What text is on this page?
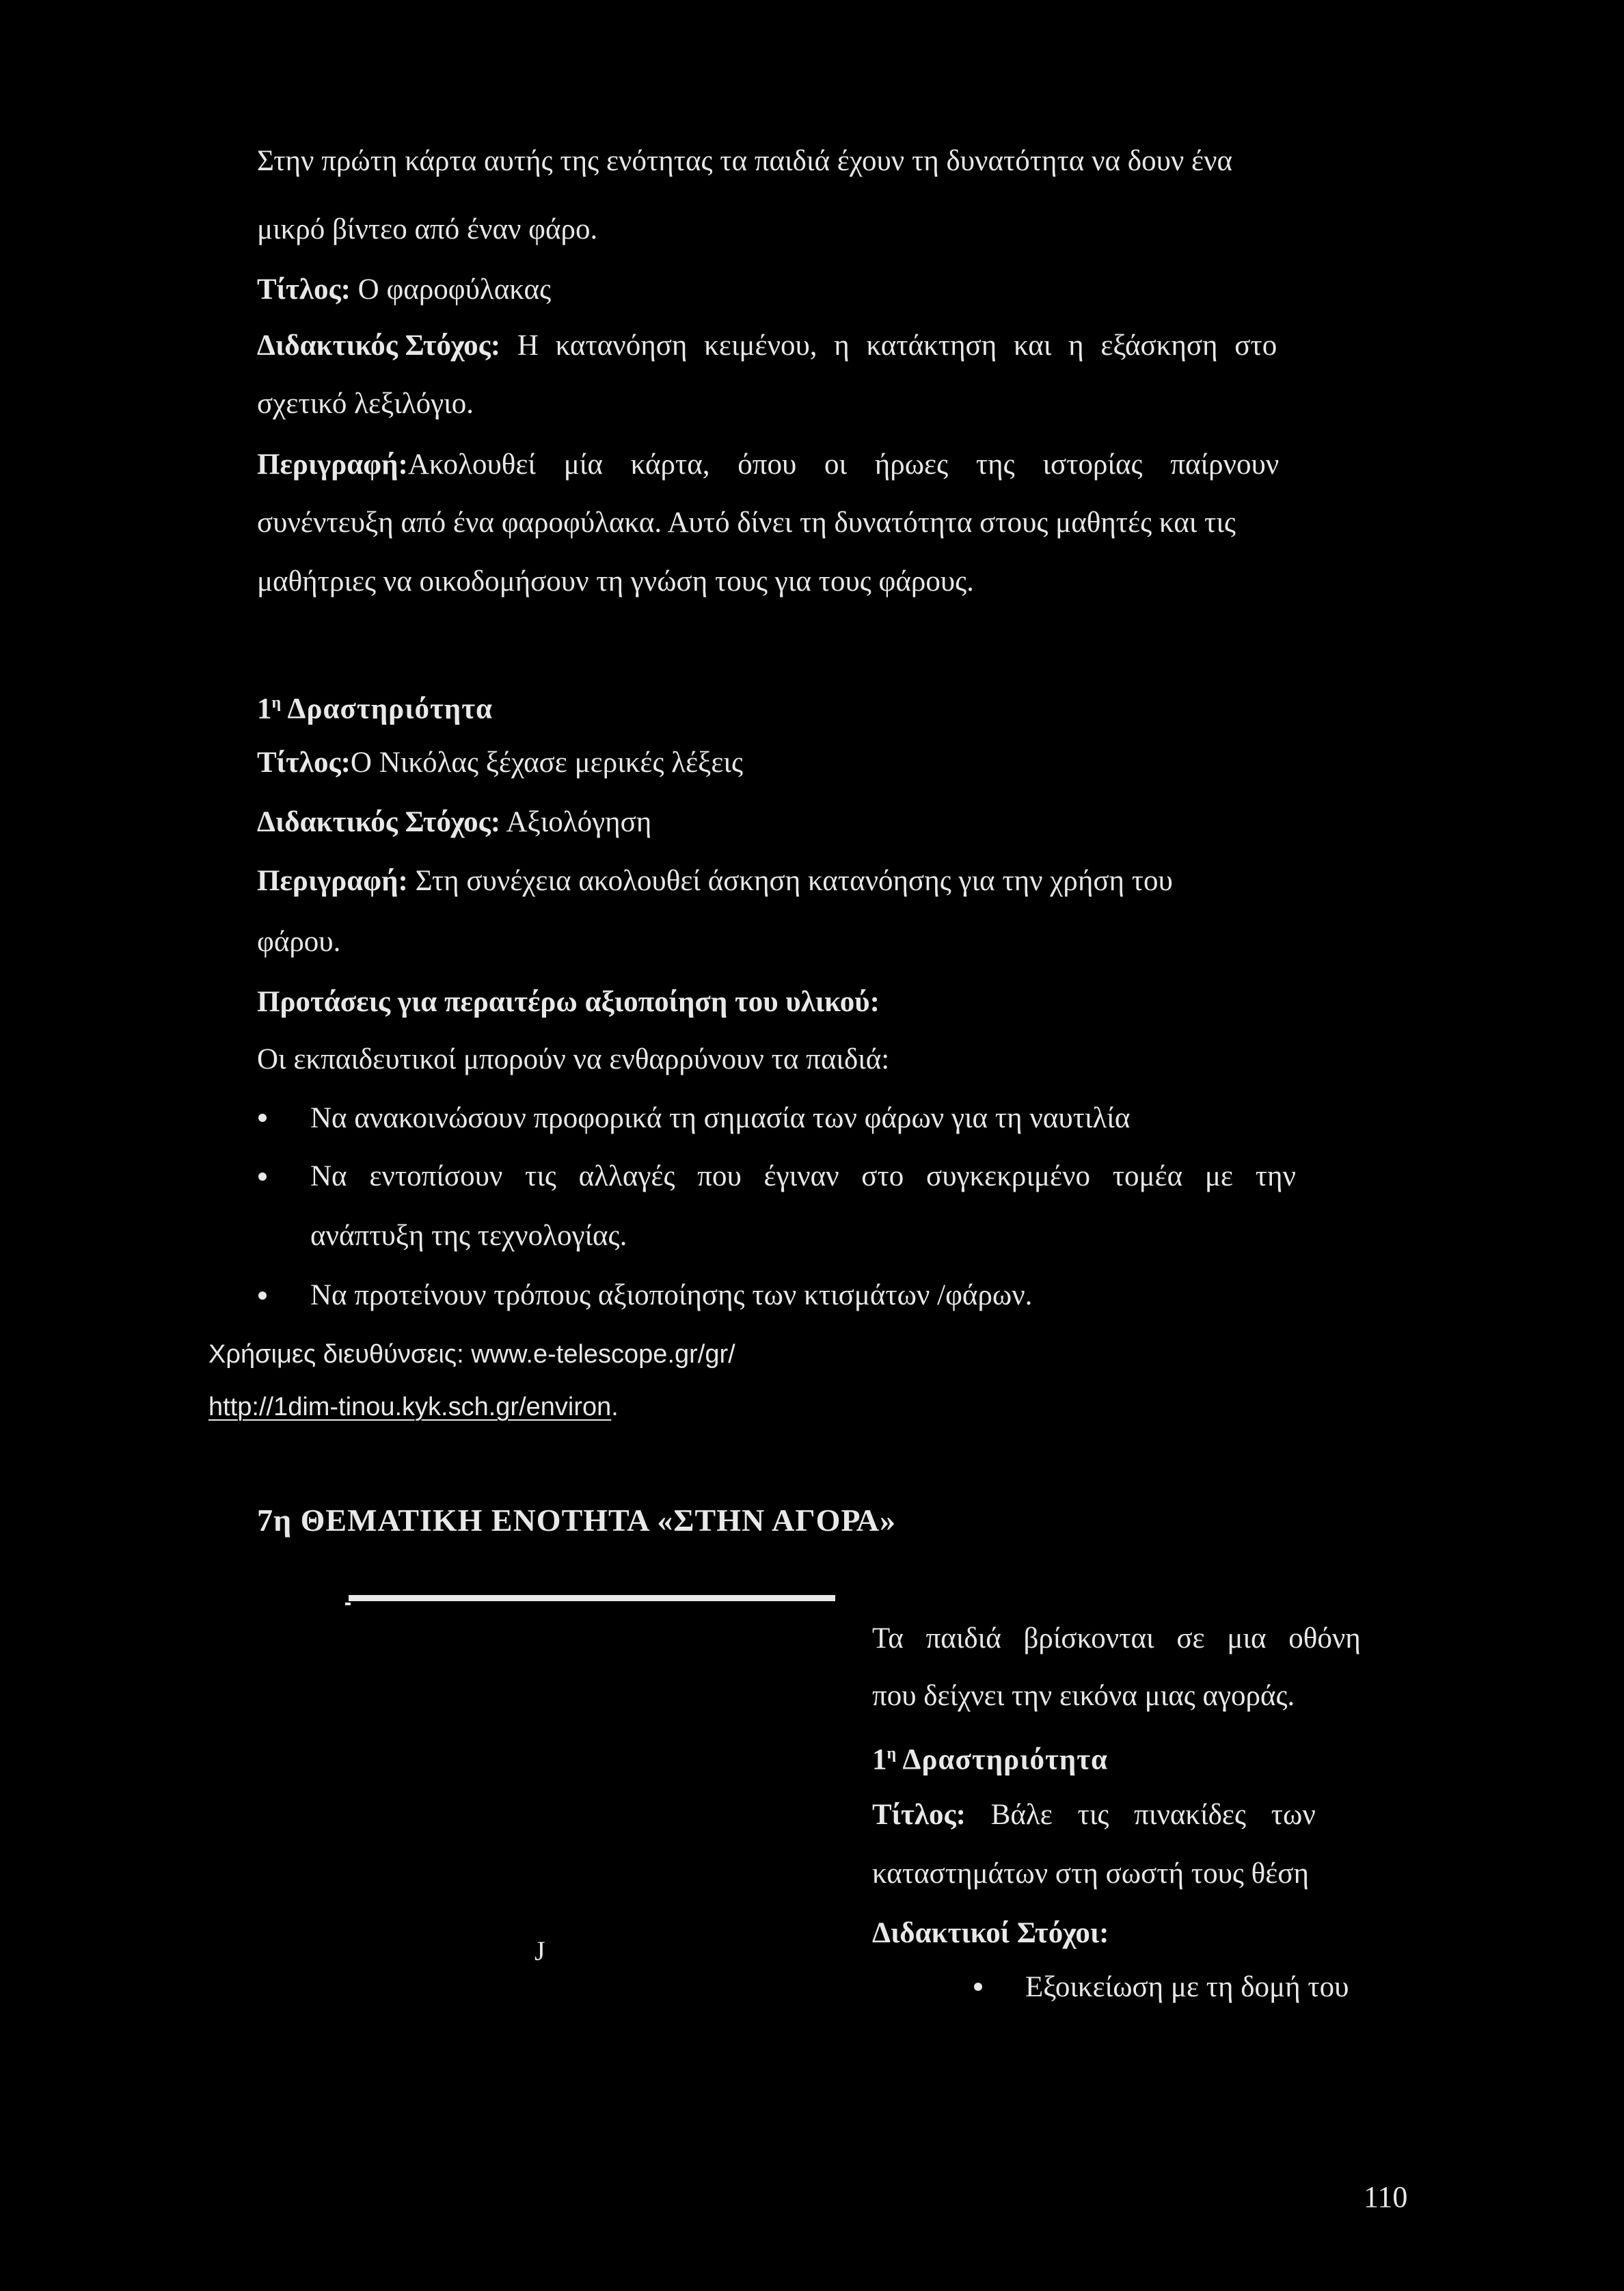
Στην πρώτη κάρτα αυτής της ενότητας τα παιδιά έχουν τη δυνατότητα να δουν ένα
μικρό βίντεο από έναν φάρο.
Τίτλος: Ο φαροφύλακας
Διδακτικός Στόχος: Η κατανόηση κειμένου, η κατάκτηση και η εξάσκηση στο
σχετικό λεξιλόγιο.
Περιγραφή:Ακολουθεί μία κάρτα, όπου οι ήρωες της ιστορίας παίρνουν
συνέντευξη από ένα φαροφύλακα. Αυτό δίνει τη δυνατότητα στους μαθητές και τις
μαθήτριες να οικοδομήσουν τη γνώση τους για τους φάρους.
$1^\eta$ Δραστηριότητα
Τίτλος:Ο Νικόλας ξέχασε μερικές λέξεις
Διδακτικός Στόχος: Αξιολόγηση
Περιγραφή: Στη συνέχεια ακολουθεί άσκηση κατανόησης για την χρήση του
φάρου.
Προτάσεις για περαιτέρω αξιοποίηση του υλικού:
Οι εκπαιδευτικοί μπορούν να ενθαρρύνουν τα παιδιά:
Να ανακοινώσουν προφορικά τη σημασία των φάρων για τη ναυτιλία
Να εντοπίσουν τις αλλαγές που έγιναν στο συγκεκριμένο τομέα με την
ανάπτυξη της τεχνολογίας.
Να προτείνουν τρόπους αξιοποίησης των κτισμάτων /φάρων.
Χρήσιμες διευθύνσεις: www.e-telescope.gr/gr/
http://1dim-tinou.kyk.sch.gr/environ.
7η ΘΕΜΑΤΙΚΗ ΕΝΟΤΗΤΑ «ΣΤΗΝ ΑΓΟΡΑ»
J
Τα παιδιά βρίσκονται σε μια οθόνη
που δείχνει την εικόνα μιας αγοράς.
$1^\eta$ Δραστηριότητα
Τίτλος: Βάλε τις πινακίδες των
καταστημάτων στη σωστή τους θέση
Διδακτικοί Στόχοι:
Εξοικείωση με τη δομή του
110
